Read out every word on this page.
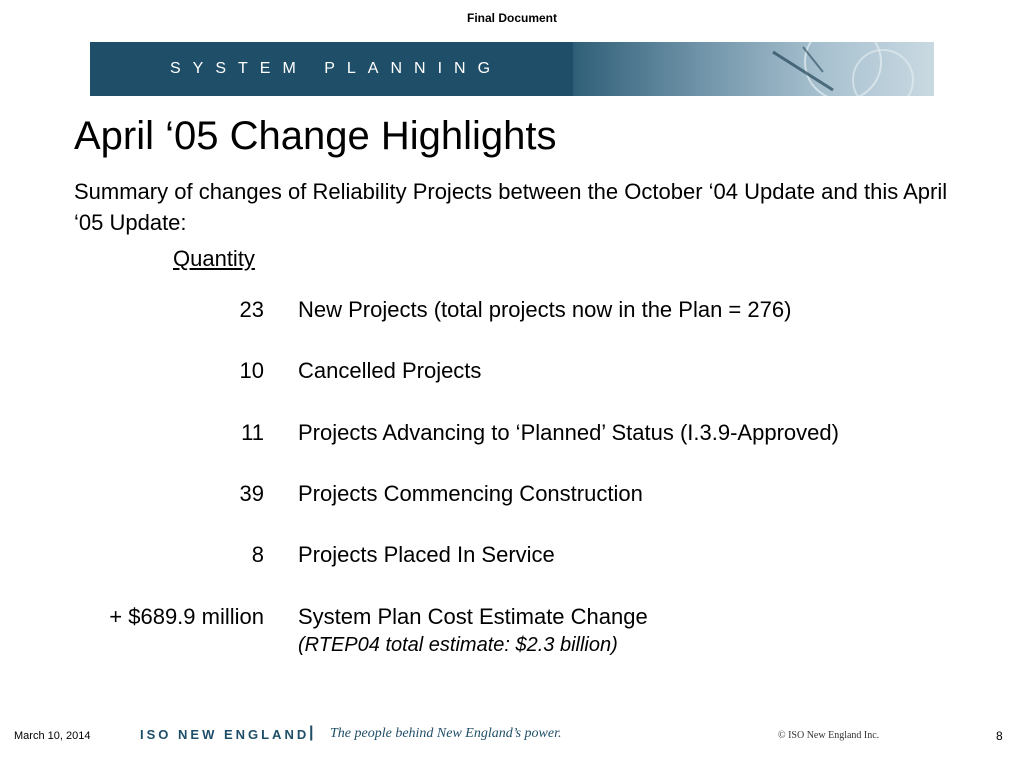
Final Document
SYSTEM PLANNING
April ‘05 Change Highlights
Summary of changes of Reliability Projects between the October ‘04 Update and this April ‘05 Update:
Quantity
23 New Projects (total projects now in the Plan = 276)
10 Cancelled Projects
11 Projects Advancing to ‘Planned’ Status (I.3.9-Approved)
39 Projects Commencing Construction
8 Projects Placed In Service
+ $689.9 million System Plan Cost Estimate Change
(RTEP04 total estimate: $2.3 billion)
March 10, 2014	ISO NEW ENGLAND | The people behind New England’s power.	© ISO New England Inc.	8
